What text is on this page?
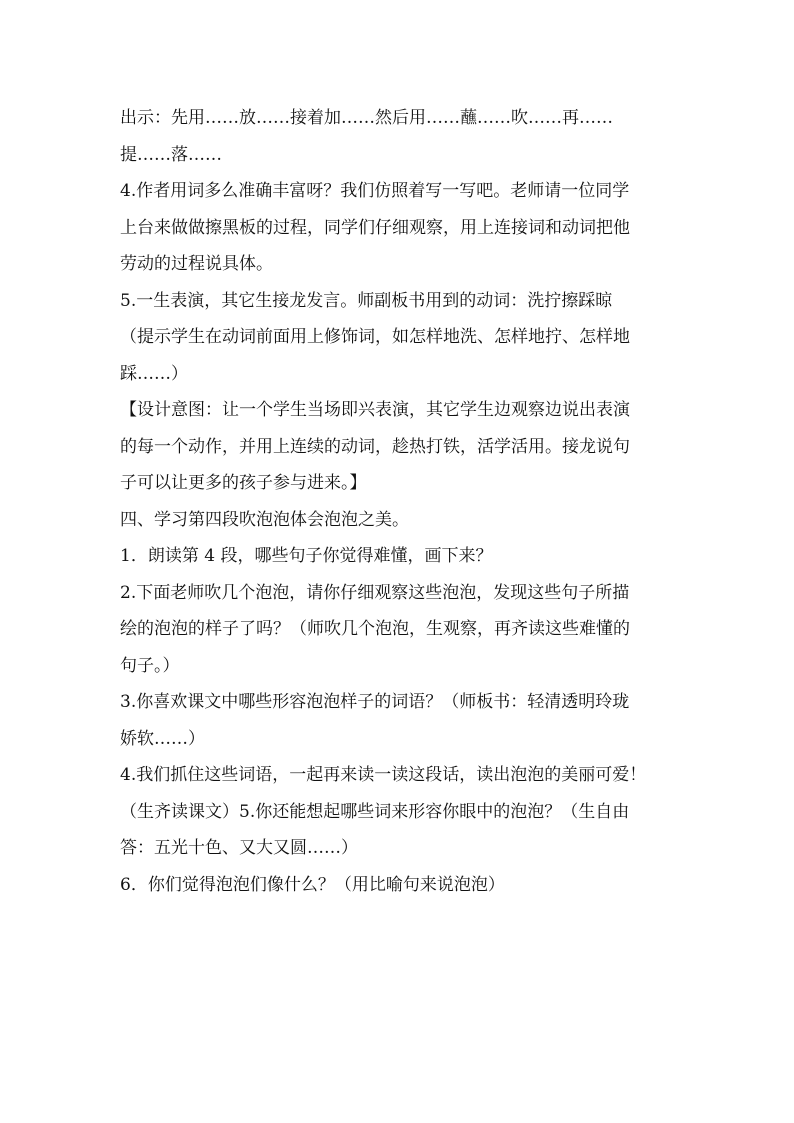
出示：先用……放……接着加……然后用……蘸……吹……再……
提……落……
4.作者用词多么准确丰富呀？我们仿照着写一写吧。老师请一位同学
上台来做做擦黑板的过程，同学们仔细观察，用上连接词和动词把他
劳动的过程说具体。
5.一生表演，其它生接龙发言。师副板书用到的动词：洗拧擦踩晾
（提示学生在动词前面用上修饰词，如怎样地洗、怎样地拧、怎样地
踩……）
【设计意图：让一个学生当场即兴表演，其它学生边观察边说出表演
的每一个动作，并用上连续的动词，趁热打铁，活学活用。接龙说句
子可以让更多的孩子参与进来。】
四、学习第四段吹泡泡体会泡泡之美。
1．朗读第 4 段，哪些句子你觉得难懂，画下来？
2.下面老师吹几个泡泡，请你仔细观察这些泡泡，发现这些句子所描
绘的泡泡的样子了吗？（师吹几个泡泡，生观察，再齐读这些难懂的
句子。）
3.你喜欢课文中哪些形容泡泡样子的词语？（师板书：轻清透明玲珑
娇软……）
4.我们抓住这些词语，一起再来读一读这段话，读出泡泡的美丽可爱！
（生齐读课文）5.你还能想起哪些词来形容你眼中的泡泡？（生自由
答：五光十色、又大又圆……）
6．你们觉得泡泡们像什么？（用比喻句来说泡泡）
